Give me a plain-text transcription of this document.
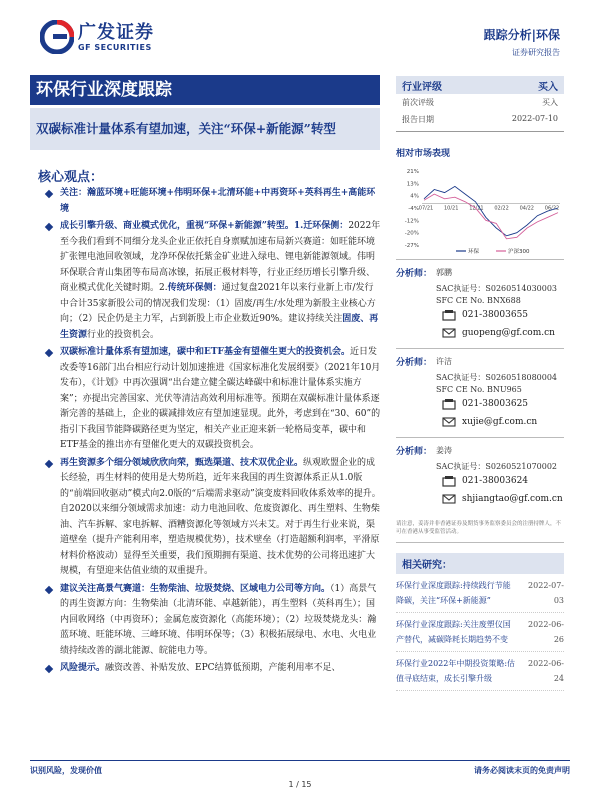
广发证券
GF SECURITIES
跟踪分析|环保
证券研究报告
环保行业深度跟踪
双碳标准计量体系有望加速，关注“环保+新能源”转型
核心观点：
关注：瀚蓝环境+旺能环境+伟明环保+北清环能+中再资环+英科再生+高能环境
成长引擎升级、商业模式优化，重视“环保+新能源”转型。1.迁环保侧：2022年至今我们看到不同细分龙头企业正依托自身禀赋加速布局新兴赛道：如旺能环境扩张锂电池回收领域，龙净环保依托紫金矿业进入绿电、锂电新能源领域。伟明环保联合青山集团等布局高冰镍，拓展正极材料等，行业正经历增长引擎升级、商业模式优化关键时期。2.传统环保侧：通过复盘2021年以来行业新上市/发行中合计35家新股公司的情况我们发现：（1）固废/再生/水处理为新股主业核心方向；（2）民企仍是主力军，占到新股上市企业数近90%。建议持续关注固废、再生资源行业的投资机会。
双碳标准计量体系有望加速，碳中和ETF基金有望催生更大的投资机会。近日发改委等16部门出台相应行动计划加速推进《国家标准化发展纲要》（2021年10月发布），《计划》中再次强调“出台建立健全碳达峰碳中和标准计量体系实施方案”；亦提出完善国家、光伏等清洁高效利用标准等。预期在双碳标准计量体系逐渐完善的基础上，企业的碳减排效应有望加速显现。此外，考虑到在“30、60”的指引下我国节能降碳路径更为坚定，相关产业正迎来新一轮格局变革，碳中和ETF基金的推出亦有望催化更大的双碳投资机会。
再生资源多个细分领域欣欣向荣，甄选渠道、技术双优企业。纵观欧盟企业的成长经验，再生材料的使用是大势所趋，近年来我国的再生资源体系正从1.0版的“前端回收驱动”模式向2.0版的“后端需求驱动”演变废料回收体系效率的提升。自2020以来细分领域需求加速：动力电池回收、危废资源化、再生塑料、生物柴油、汽车拆解、家电拆解、酒糟资源化等领域方兴未艾。对于再生行业来说，渠道壁垒（提升产能利用率，塑造规模优势），技术壁垒（打造超额利润率，平滑原材料价格波动）显得至关重要，我们预期拥有渠道、技术优势的公司将迅速扩大规模，有望迎来估值业绩的双重提升。
建议关注高景气赛道：生物柴油、垃圾焚烧、区域电力公司等方向。（1）高景气的再生资源方向：生物柴油（北清环能、卓越新能），再生塑料（英科再生）；国内回收网络（中再资环）；金属危废资源化（高能环境）；（2）垃圾焚烧龙头：瀚蓝环境、旺能环境、三峰环境、伟明环保等；（3）积极拓展绿电、水电、火电业绩持续改善的湖北能源、皖能电力等。
风险提示。融资改善、补贴发放、EPC结算低预期，产能利用率不足、
行业评级	买入
前次评级	买入
报告日期	2022-07-10
相对市场表现
21%
13%
4%
-4%
-12%
-20%
-27%
07/21 10/21 12/21 02/22 04/22 06/22
环保	沪深300
分析师： 郭鹏
SAC执证号：S0260514030003
SFC CE No. BNX688
021-38003655
guopeng@gf.com.cn
分析师： 许洁
SAC执证号：S0260518080004
SFC CE No. BNU965
021-38003625
xujie@gf.com.cn
分析师： 姜涛
SAC执证号：S0260521070002
021-38003624
shjiangtao@gf.com.cn
请注意，姜涛并非香港证券及期货事务监察委员会的注册持牌人，不可在香港从事受监管活动。
相关研究：
环保行业深度跟踪:持续践行节能降碳，关注“环保+新能源”
2022-07-03
环保行业深度跟踪:关注废塑仪国产替代，减碳降耗长期趋势不变
2022-06-26
环保行业2022年中期投资策略:估值寻底结束，成长引擎升级
2022-06-24
识别风险，发现价值	请务必阅读末页的免责声明
1 / 15
